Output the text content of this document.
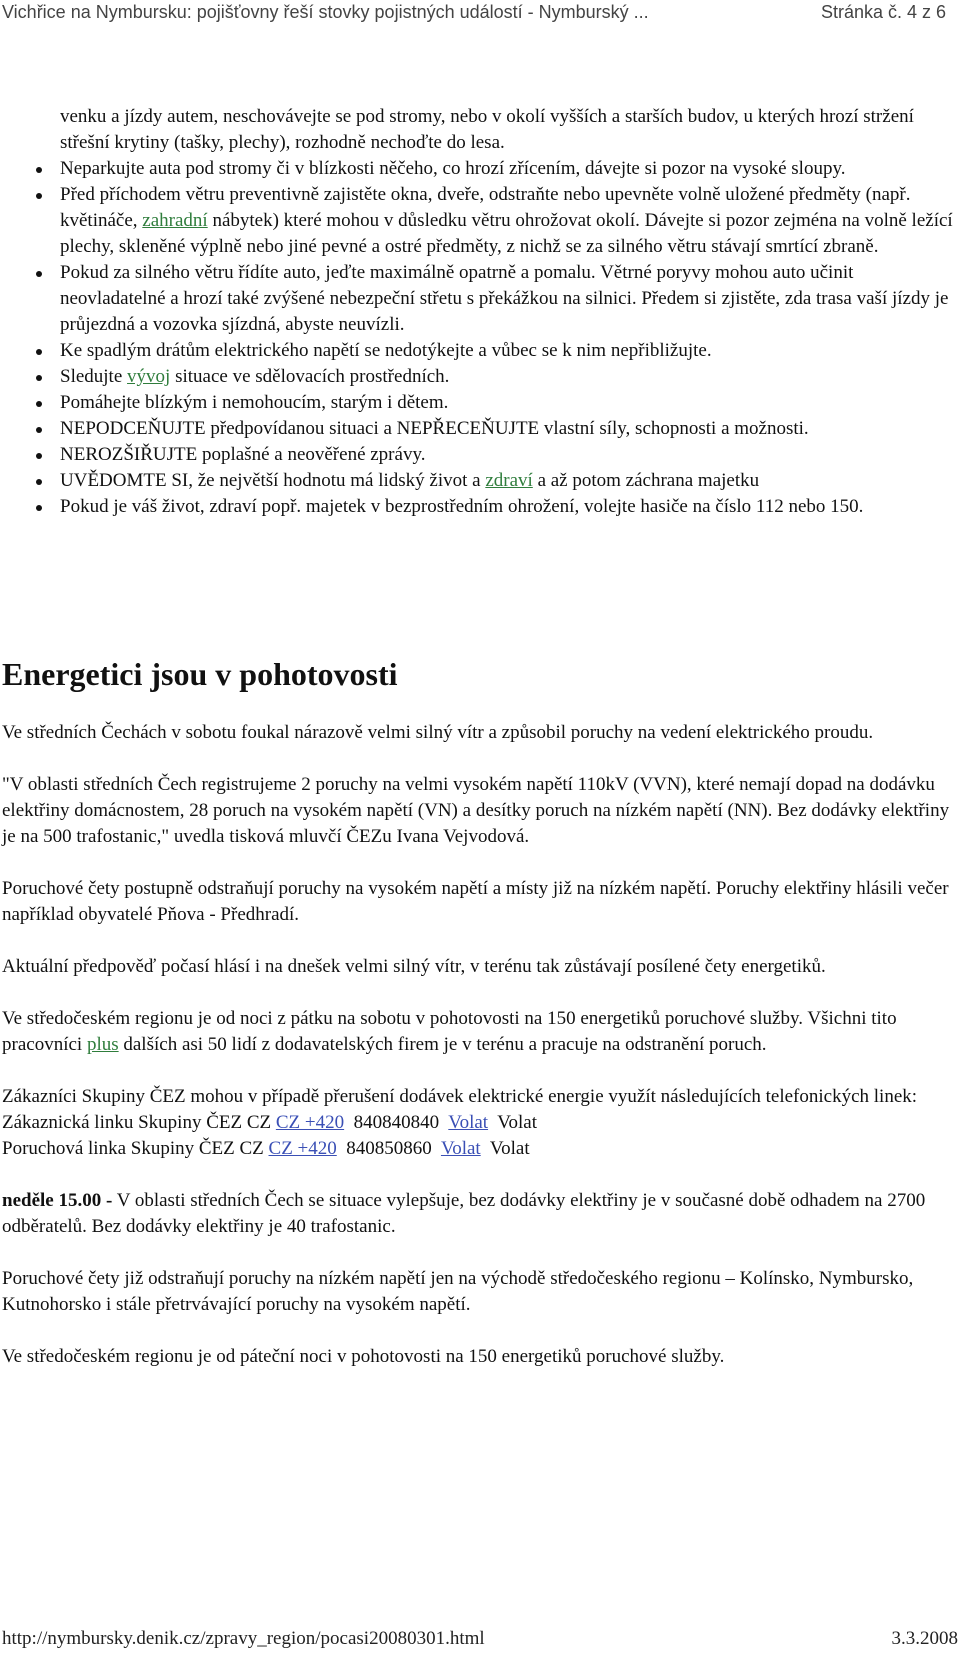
Vichřice na Nymbursku: pojišťovny řeší stovky pojistných událostí - Nymburský ...	Stránka č. 4 z 6
venku a jízdy autem, neschovávejte se pod stromy, nebo v okolí vyšších a starších budov, u kterých hrozí stržení střešní krytiny (tašky, plechy), rozhodně nechoďte do lesa.
Neparkujte auta pod stromy či v blízkosti něčeho, co hrozí zřícením, dávejte si pozor na vysoké sloupy.
Před příchodem větru preventivně zajistěte okna, dveře, odstraňte nebo upevněte volně uložené předměty (např. květináče, zahradní nábytek) které mohou v důsledku větru ohrožovat okolí. Dávejte si pozor zejména na volně ležící plechy, skleněné výplně nebo jiné pevné a ostré předměty, z nichž se za silného větru stávají smrtící zbraně.
Pokud za silného větru řídíte auto, jeďte maximálně opatrně a pomalu. Větrné poryvy mohou auto učinit neovladatelné a hrozí také zvýšené nebezpeční střetu s překážkou na silnici. Předem si zjistěte, zda trasa vaší jízdy je průjezdná a vozovka sjízdná, abyste neuvízli.
Ke spadlým drátům elektrického napětí se nedotýkejte a vůbec se k nim nepřibližujte.
Sledujte vývoj situace ve sdělovacích prostředních.
Pomáhejte blízkým i nemohoucím, starým i dětem.
NEPODCEŇUJTE předpovídanou situaci a NEPŘECEŇUJTE vlastní síly, schopnosti a možnosti.
NEROZŠIŘUJTE poplašné a neověřené zprávy.
UVĚDOMTE SI, že největší hodnotu má lidský život a zdraví a až potom záchrana majetku
Pokud je váš život, zdraví popř. majetek v bezprostředním ohrožení, volejte hasiče na číslo 112 nebo 150.
Energetici jsou v pohotovosti

Ve středních Čechách v sobotu foukal nárazově velmi silný vítr a způsobil poruchy na vedení elektrického proudu.

"V oblasti středních Čech registrujeme 2 poruchy na velmi vysokém napětí 110kV (VVN), které nemají dopad na dodávku elektřiny domácnostem, 28 poruch na vysokém napětí (VN) a desítky poruch na nízkém napětí (NN). Bez dodávky elektřiny je na 500 trafostanic," uvedla tisková mluvčí ČEZu Ivana Vejvodová.

Poruchové čety postupně odstraňují poruchy na vysokém napětí a místy již na nízkém napětí. Poruchy elektřiny hlásili večer například obyvatelé Pňova - Předhradí.

Aktuální předpověď počasí hlásí i na dnešek velmi silný vítr, v terénu tak zůstávají posílené čety energetiků.

Ve středočeském regionu je od noci z pátku na sobotu v pohotovosti na 150 energetiků poruchové služby. Všichni tito pracovníci plus dalších asi 50 lidí z dodavatelských firem je v terénu a pracuje na odstranění poruch.

Zákazníci Skupiny ČEZ mohou v případě přerušení dodávek elektrické energie využít následujících telefonických linek:
Zákaznická linku Skupiny ČEZ CZ CZ +420  840840840  Volat  Volat
Poruchová linka Skupiny ČEZ CZ CZ +420  840850860  Volat  Volat

neděle 15.00 - V oblasti středních Čech se situace vylepšuje, bez dodávky elektřiny je v současné době odhadem na 2700 odběratelů. Bez dodávky elektřiny je 40 trafostanic.

Poruchové čety již odstraňují poruchy na nízkém napětí jen na východě středočeského regionu – Kolínsko, Nymbursko, Kutnohorsko i stále přetrvávající poruchy na vysokém napětí.

Ve středočeském regionu je od páteční noci v pohotovosti na 150 energetiků poruchové služby.

http://nymbursky.denik.cz/zpravy_region/pocasi20080301.html	3.3.2008
